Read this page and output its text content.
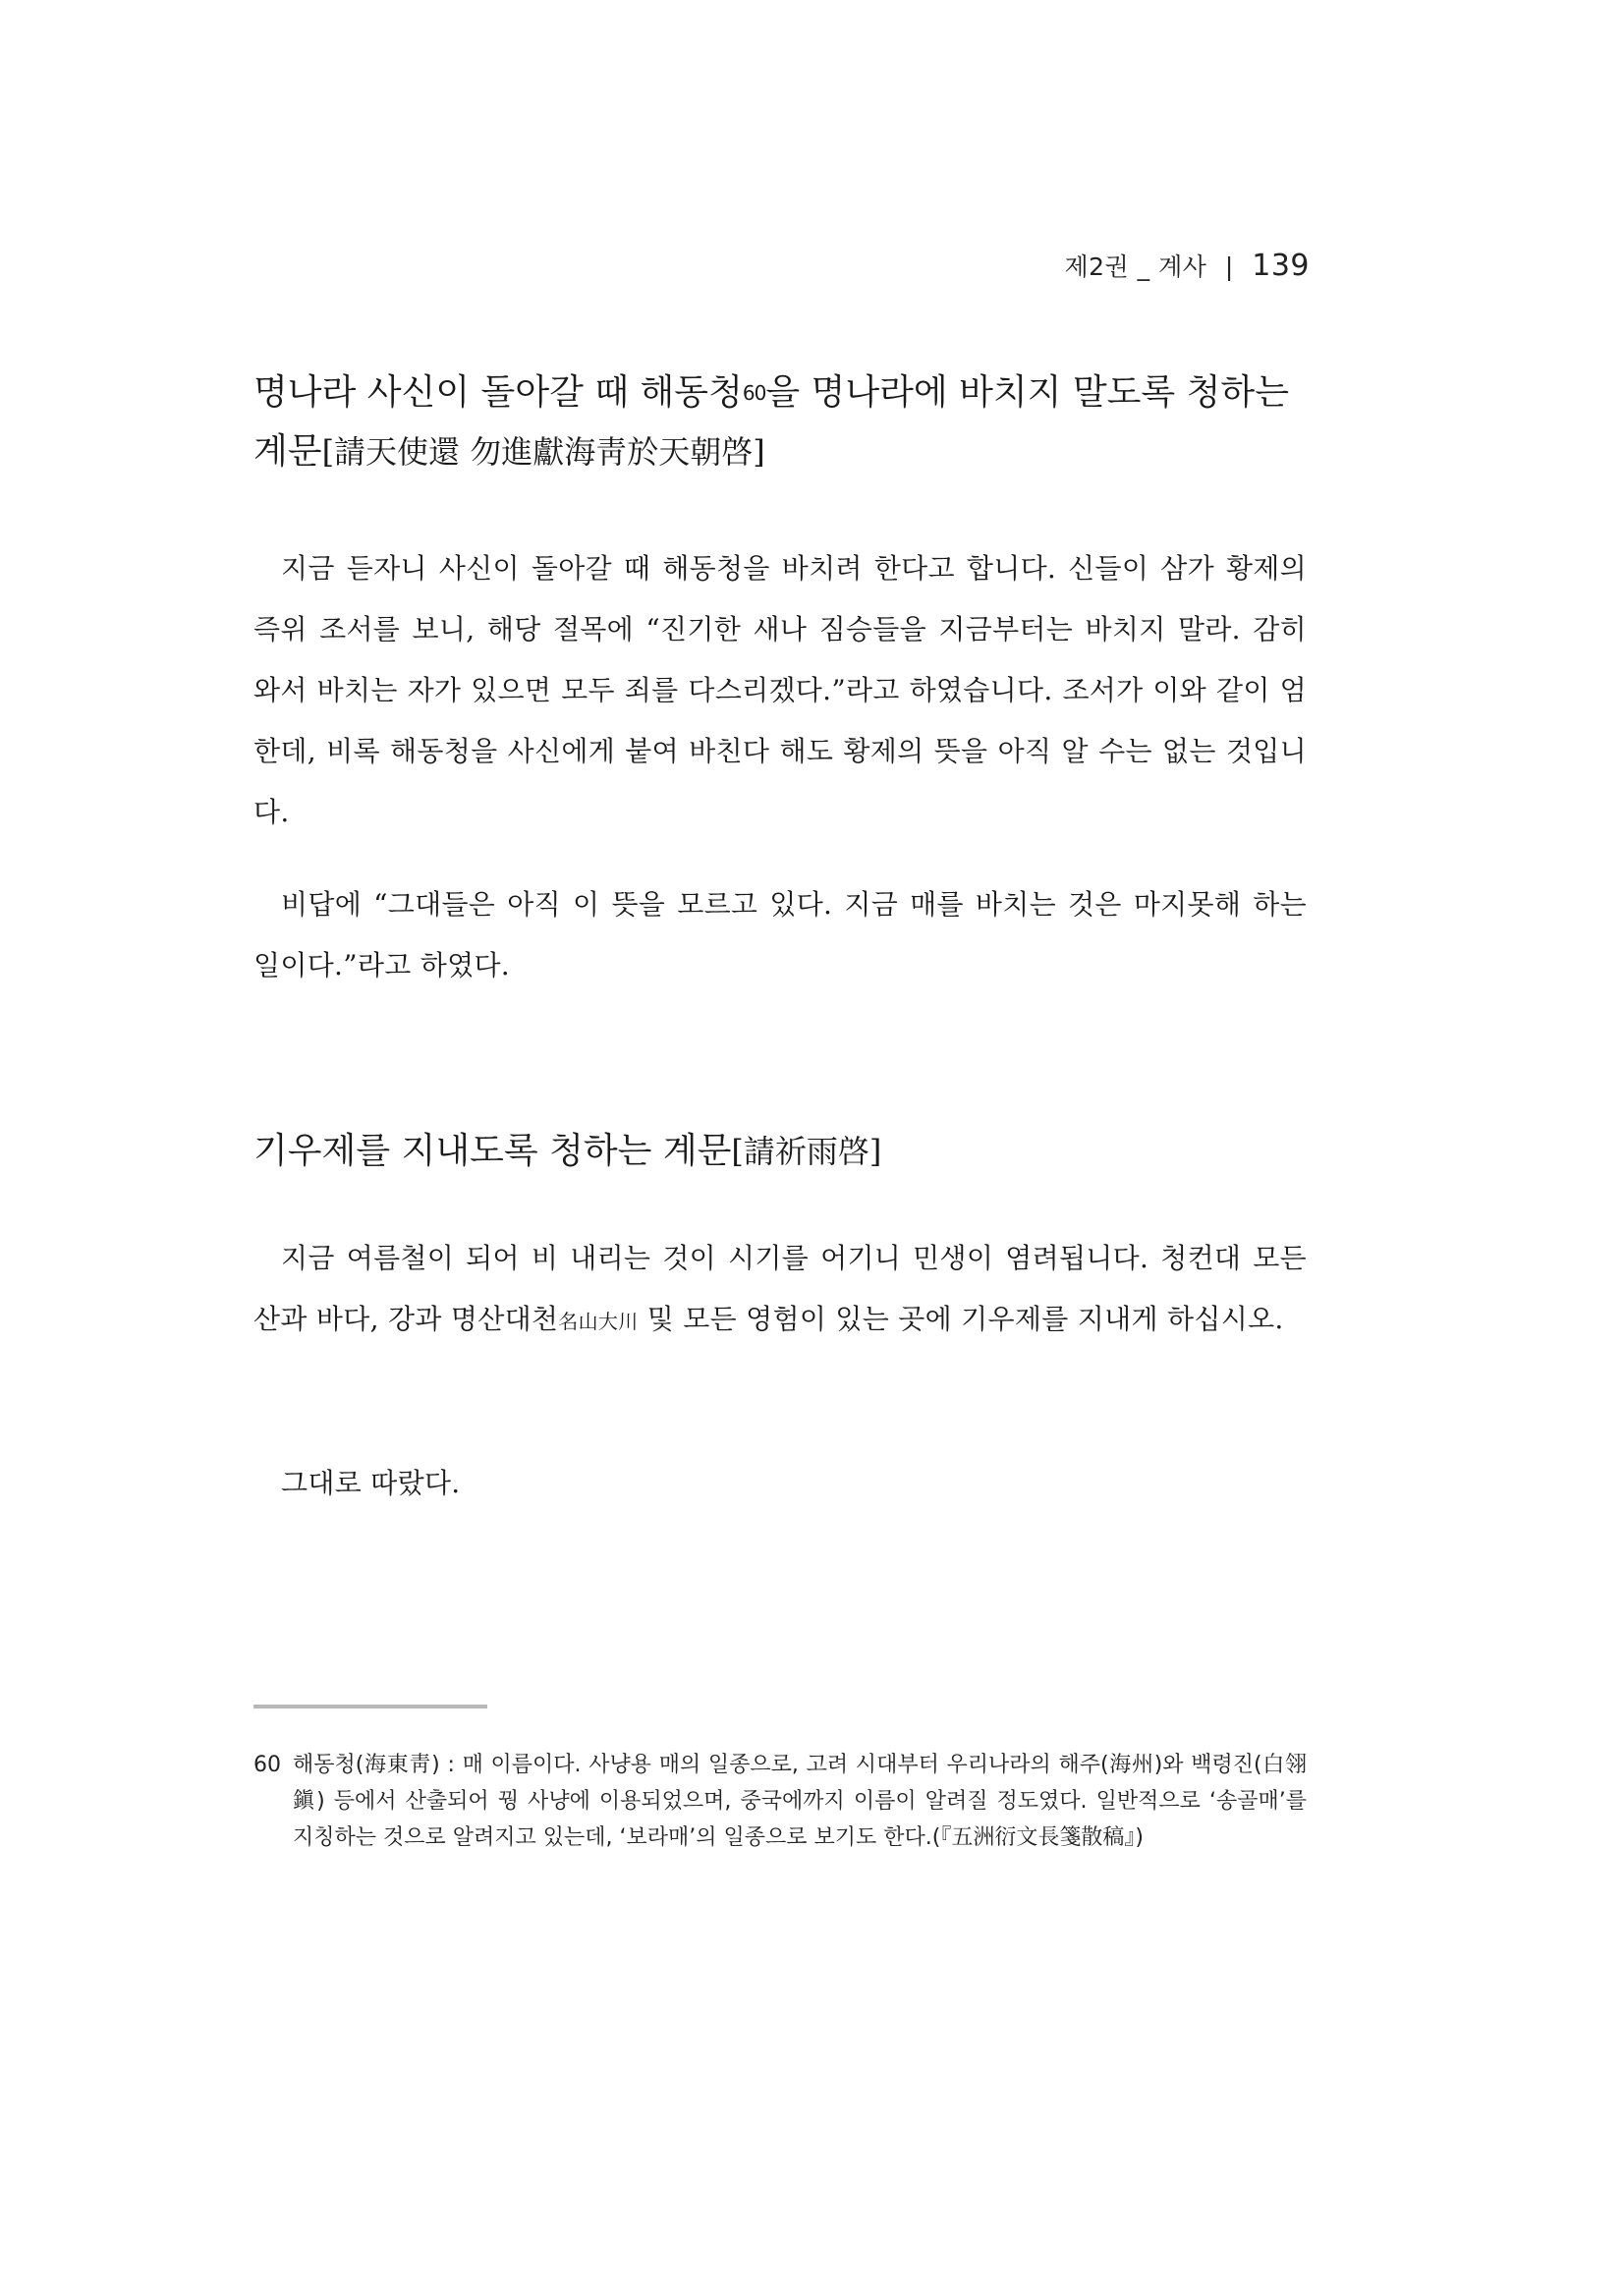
제2권 _ 계사 | 139
명나라 사신이 돌아갈 때 해동청60을 명나라에 바치지 말도록 청하는
계문[請天使還 勿進獻海靑於天朝啓]

지금 듣자니 사신이 돌아갈 때 해동청을 바치려 한다고 합니다. 신들이 삼가 황제의 즉위 조서를 보니, 해당 절목에 “진기한 새나 짐승들을 지금부터는 바치지 말라. 감히 와서 바치는 자가 있으면 모두 죄를 다스리겠다.”라고 하였습니다. 조서가 이와 같이 엄한데, 비록 해동청을 사신에게 붙여 바친다 해도 황제의 뜻을 아직 알 수는 없는 것입니다.

비답에 “그대들은 아직 이 뜻을 모르고 있다. 지금 매를 바치는 것은 마지못해 하는 일이다.”라고 하였다.

기우제를 지내도록 청하는 계문[請祈雨啓]

지금 여름철이 되어 비 내리는 것이 시기를 어기니 민생이 염려됩니다. 청컨대 모든 산과 바다, 강과 명산대천名山大川 및 모든 영험이 있는 곳에 기우제를 지내게 하십시오.

그대로 따랐다.

60 해동청(海東靑) : 매 이름이다. 사냥용 매의 일종으로, 고려 시대부터 우리나라의 해주(海州)와 백령진(白翎鎭) 등에서 산출되어 꿩 사냥에 이용되었으며, 중국에까지 이름이 알려질 정도였다. 일반적으로 ‘송골매’를 지칭하는 것으로 알려지고 있는데, ‘보라매’의 일종으로 보기도 한다.(『五洲衍文長箋散稿』)
